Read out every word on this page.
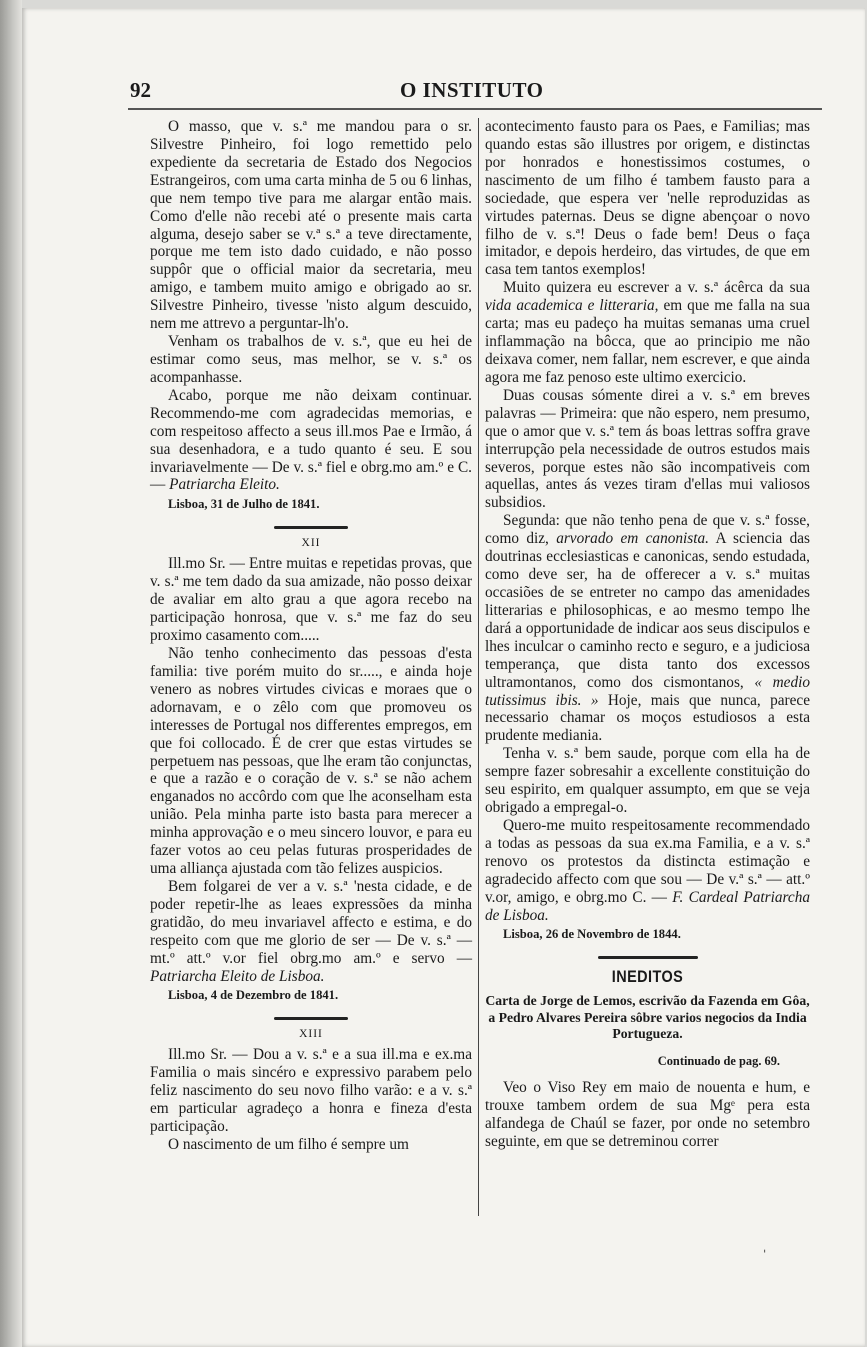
92	O INSTITUTO

O masso, que v. s.ª me mandou para o sr. Silvestre Pinheiro, foi logo remettido pelo expediente da secretaria de Estado dos Negocios Estrangeiros, com uma carta minha de 5 ou 6 linhas, que nem tempo tive para me alargar então mais. Como d'elle não recebi até o presente mais carta alguma, desejo saber se v.ª s.ª a teve directamente, porque me tem isto dado cuidado, e não posso suppôr que o official maior da secretaria, meu amigo, e tambem muito amigo e obrigado ao sr. Silvestre Pinheiro, tivesse 'nisto algum descuido, nem me attrevo a perguntar-lh'o.

Venham os trabalhos de v. s.ª, que eu hei de estimar como seus, mas melhor, se v. s.ª os acompanhasse.

Acabo, porque me não deixam continuar. Recommendo-me com agradecidas memorias, e com respeitoso affecto a seus ill.mos Pae e Irmão, á sua desenhadora, e a tudo quanto é seu. E sou invariavelmente — De v. s.ª fiel e obrg.mo am.º e C. — Patriarcha Eleito.

Lisboa, 31 de Julho de 1841.

XII

Ill.mo Sr. — Entre muitas e repetidas provas, que v. s.ª me tem dado da sua amizade, não posso deixar de avaliar em alto grau a que agora recebo na participação honrosa, que v. s.ª me faz do seu proximo casamento com.....

Não tenho conhecimento das pessoas d'esta familia: tive porém muito do sr....., e ainda hoje venero as nobres virtudes civicas e moraes que o adornavam, e o zêlo com que promoveu os interesses de Portugal nos differentes empregos, em que foi collocado. É de crer que estas virtudes se perpetuem nas pessoas, que lhe eram tão conjunctas, e que a razão e o coração de v. s.ª se não achem enganados no accôrdo com que lhe aconselham esta união. Pela minha parte isto basta para merecer a minha approvação e o meu sincero louvor, e para eu fazer votos ao ceu pelas futuras prosperidades de uma alliança ajustada com tão felizes auspicios.

Bem folgarei de ver a v. s.ª 'nesta cidade, e de poder repetir-lhe as leaes expressões da minha gratidão, do meu invariavel affecto e estima, e do respeito com que me glorio de ser — De v. s.ª — mt.º att.º v.or fiel obrg.mo am.º e servo — Patriarcha Eleito de Lisboa.

Lisboa, 4 de Dezembro de 1841.

XIII

Ill.mo Sr. — Dou a v. s.ª e a sua ill.ma e ex.ma Familia o mais sincéro e expressivo parabem pelo feliz nascimento do seu novo filho varão: e a v. s.ª em particular agradeço a honra e fineza d'esta participação.

O nascimento de um filho é sempre um

acontecimento fausto para os Paes, e Familias; mas quando estas são illustres por origem, e distinctas por honrados e honestissimos costumes, o nascimento de um filho é tambem fausto para a sociedade, que espera ver 'nelle reproduzidas as virtudes paternas. Deus se digne abençoar o novo filho de v. s.ª! Deus o fade bem! Deus o faça imitador, e depois herdeiro, das virtudes, de que em casa tem tantos exemplos!

Muito quizera eu escrever a v. s.ª ácêrca da sua vida academica e litteraria, em que me falla na sua carta; mas eu padeço ha muitas semanas uma cruel inflammação na bôcca, que ao principio me não deixava comer, nem fallar, nem escrever, e que ainda agora me faz penoso este ultimo exercicio.

Duas cousas sómente direi a v. s.ª em breves palavras — Primeira: que não espero, nem presumo, que o amor que v. s.ª tem ás boas lettras soffra grave interrupção pela necessidade de outros estudos mais severos, porque estes não são incompativeis com aquellas, antes ás vezes tiram d'ellas mui valiosos subsidios.

Segunda: que não tenho pena de que v. s.ª fosse, como diz, arvorado em canonista. A sciencia das doutrinas ecclesiasticas e canonicas, sendo estudada, como deve ser, ha de offerecer a v. s.ª muitas occasiões de se entreter no campo das amenidades litterarias e philosophicas, e ao mesmo tempo lhe dará a opportunidade de indicar aos seus discipulos e lhes inculcar o caminho recto e seguro, e a judiciosa temperança, que dista tanto dos excessos ultramontanos, como dos cismontanos, « medio tutissimus ibis. » Hoje, mais que nunca, parece necessario chamar os moços estudiosos a esta prudente mediania.

Tenha v. s.ª bem saude, porque com ella ha de sempre fazer sobresahir a excellente constituição do seu espirito, em qualquer assumpto, em que se veja obrigado a empregal-o.

Quero-me muito respeitosamente recommendado a todas as pessoas da sua ex.ma Familia, e a v. s.ª renovo os protestos da distincta estimação e agradecido affecto com que sou — De v.ª s.ª — att.º v.or, amigo, e obrg.mo C. — F. Cardeal Patriarcha de Lisboa.

Lisboa, 26 de Novembro de 1844.

INEDITOS

Carta de Jorge de Lemos, escrivão da Fazenda em Gôa, a Pedro Alvares Pereira sôbre varios negocios da India Portugueza.

Continuado de pag. 69.

Veo o Viso Rey em maio de nouenta e hum, e trouxe tambem ordem de sua Mgᵉ pera esta alfandega de Chaúl se fazer, por onde no setembro seguinte, em que se detreminou correr

ˌ
